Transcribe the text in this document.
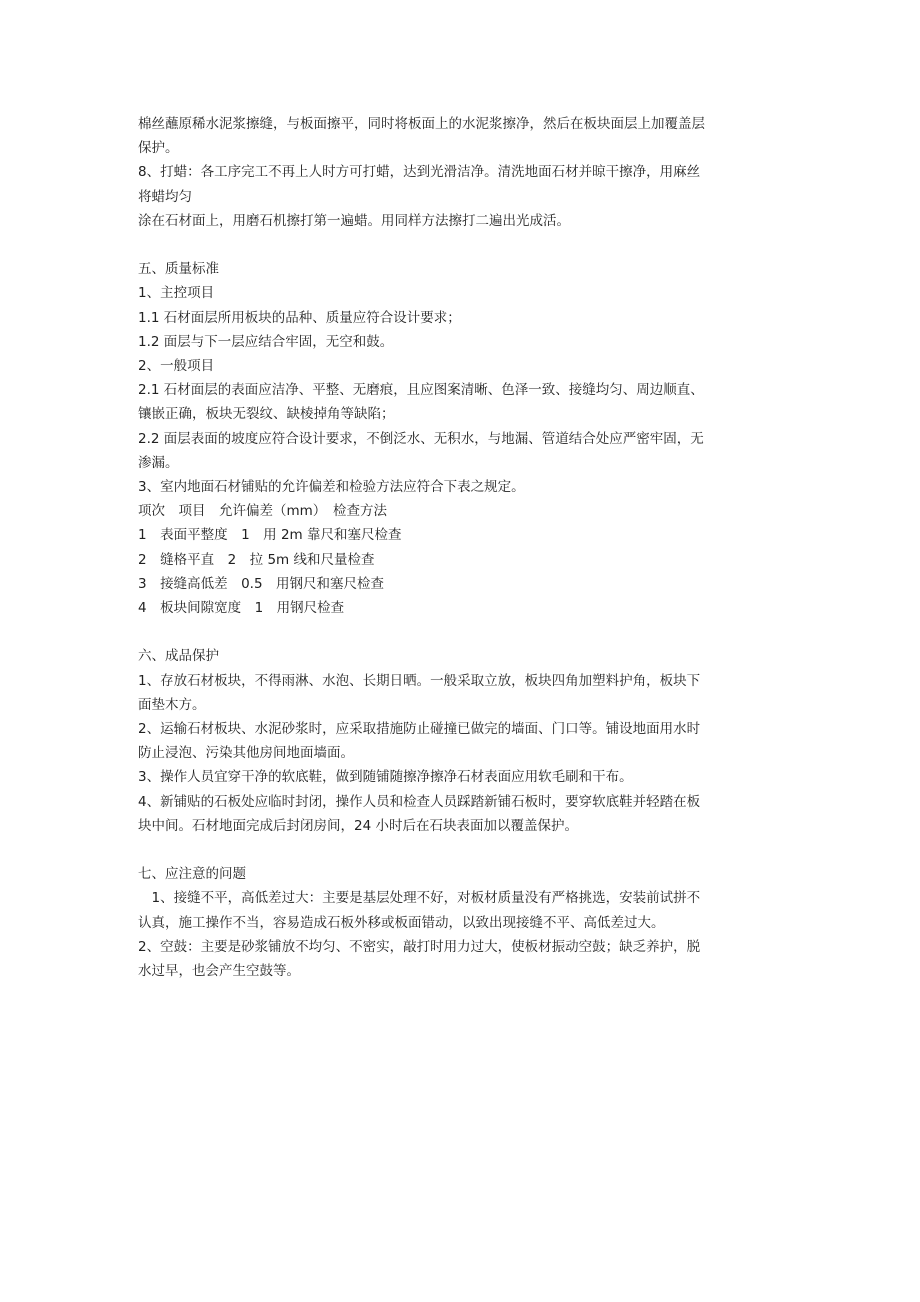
棉丝蘸原稀水泥浆擦缝，与板面擦平，同时将板面上的水泥浆擦净，然后在板块面层上加覆盖层
保护。
8、打蜡：各工序完工不再上人时方可打蜡，达到光滑洁净。清洗地面石材并晾干擦净，用麻丝
将蜡均匀
涂在石材面上，用磨石机擦打第一遍蜡。用同样方法擦打二遍出光成活。
五、质量标准
1、主控项目
1.1 石材面层所用板块的品种、质量应符合设计要求；
1.2 面层与下一层应结合牢固，无空和鼓。
2、一般项目
2.1 石材面层的表面应洁净、平整、无磨痕，且应图案清晰、色泽一致、接缝均匀、周边顺直、
镶嵌正确，板块无裂纹、缺棱掉角等缺陷；
2.2 面层表面的坡度应符合设计要求，不倒泛水、无积水，与地漏、管道结合处应严密牢固，无
渗漏。
3、室内地面石材铺贴的允许偏差和检验方法应符合下表之规定。
项次　项目　允许偏差（mm）　检查方法
1　表面平整度　1　用 2m 靠尺和塞尺检查
2　缝格平直　2　拉 5m 线和尺量检查
3　接缝高低差　0.5　用钢尺和塞尺检查
4　板块间隙宽度　1　用钢尺检查
六、成品保护
1、存放石材板块，不得雨淋、水泡、长期日晒。一般采取立放，板块四角加塑料护角，板块下
面垫木方。
2、运输石材板块、水泥砂浆时，应采取措施防止碰撞已做完的墙面、门口等。铺设地面用水时
防止浸泡、污染其他房间地面墙面。
3、操作人员宜穿干净的软底鞋，做到随铺随擦净擦净石材表面应用软毛刷和干布。
4、新铺贴的石板处应临时封闭，操作人员和检查人员踩踏新铺石板时，要穿软底鞋并轻踏在板
块中间。石材地面完成后封闭房间，24 小时后在石块表面加以覆盖保护。
七、应注意的问题
　1、接缝不平，高低差过大：主要是基层处理不好，对板材质量没有严格挑选，安装前试拼不
认真，施工操作不当，容易造成石板外移或板面错动，以致出现接缝不平、高低差过大。
2、空鼓：主要是砂浆铺放不均匀、不密实，敲打时用力过大，使板材振动空鼓；缺乏养护，脱
水过早，也会产生空鼓等。
